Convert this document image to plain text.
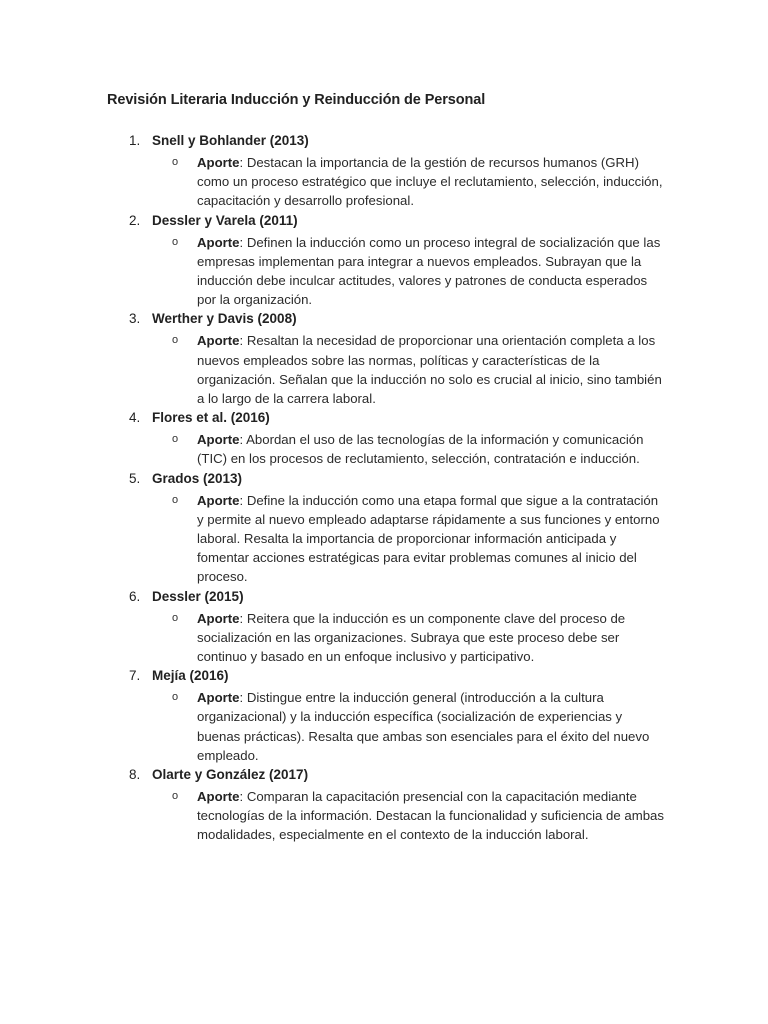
Revisión Literaria Inducción y Reinducción de Personal
1. Snell y Bohlander (2013)
o Aporte: Destacan la importancia de la gestión de recursos humanos (GRH) como un proceso estratégico que incluye el reclutamiento, selección, inducción, capacitación y desarrollo profesional.
2. Dessler y Varela (2011)
o Aporte: Definen la inducción como un proceso integral de socialización que las empresas implementan para integrar a nuevos empleados. Subrayan que la inducción debe inculcar actitudes, valores y patrones de conducta esperados por la organización.
3. Werther y Davis (2008)
o Aporte: Resaltan la necesidad de proporcionar una orientación completa a los nuevos empleados sobre las normas, políticas y características de la organización. Señalan que la inducción no solo es crucial al inicio, sino también a lo largo de la carrera laboral.
4. Flores et al. (2016)
o Aporte: Abordan el uso de las tecnologías de la información y comunicación (TIC) en los procesos de reclutamiento, selección, contratación e inducción.
5. Grados (2013)
o Aporte: Define la inducción como una etapa formal que sigue a la contratación y permite al nuevo empleado adaptarse rápidamente a sus funciones y entorno laboral. Resalta la importancia de proporcionar información anticipada y fomentar acciones estratégicas para evitar problemas comunes al inicio del proceso.
6. Dessler (2015)
o Aporte: Reitera que la inducción es un componente clave del proceso de socialización en las organizaciones. Subraya que este proceso debe ser continuo y basado en un enfoque inclusivo y participativo.
7. Mejía (2016)
o Aporte: Distingue entre la inducción general (introducción a la cultura organizacional) y la inducción específica (socialización de experiencias y buenas prácticas). Resalta que ambas son esenciales para el éxito del nuevo empleado.
8. Olarte y González (2017)
o Aporte: Comparan la capacitación presencial con la capacitación mediante tecnologías de la información. Destacan la funcionalidad y suficiencia de ambas modalidades, especialmente en el contexto de la inducción laboral.
